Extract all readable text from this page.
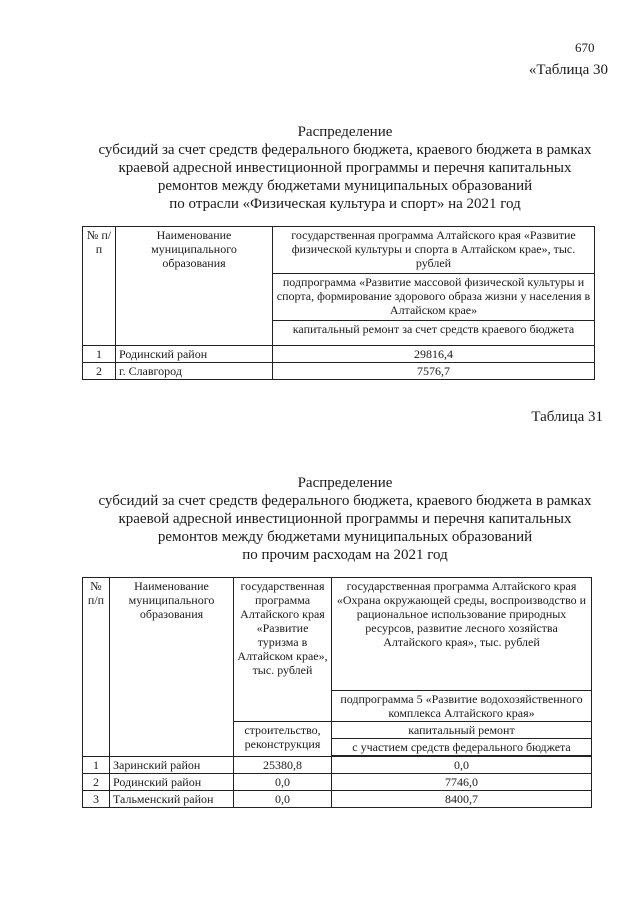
670
«Таблица 30
Распределение
субсидий за счет средств федерального бюджета, краевого бюджета в рамках
краевой адресной инвестиционной программы и перечня капитальных
ремонтов между бюджетами муниципальных образований
по отрасли «Физическая культура и спорт» на 2021 год
№ п/п	Наименование муниципального образования	государственная программа Алтайского края «Развитие физической культуры и спорта в Алтайском крае», тыс. рублей
		подпрограмма «Развитие массовой физической культуры и спорта, формирование здорового образа жизни у населения в Алтайском крае»
		капитальный ремонт за счет средств краевого бюджета
1	Родинский район	29816,4
2	г. Славгород	7576,7
Таблица 31
Распределение
субсидий за счет средств федерального бюджета, краевого бюджета в рамках
краевой адресной инвестиционной программы и перечня капитальных
ремонтов между бюджетами муниципальных образований
по прочим расходам на 2021 год
№ п/п	Наименование муниципального образования	государственная программа Алтайского края «Развитие туризма в Алтайском крае», тыс. рублей	государственная программа Алтайского края «Охрана окружающей среды, воспроизводство и рациональное использование природных ресурсов, развитие лесного хозяйства Алтайского края», тыс. рублей
			подпрограмма 5 «Развитие водохозяйственного комплекса Алтайского края»
		строительство, реконструкция	капитальный ремонт
			с участием средств федерального бюджета

1	Заринский район	25380,8	0,0
2	Родинский район	0,0	7746,0
3	Тальменский район	0,0	8400,7
